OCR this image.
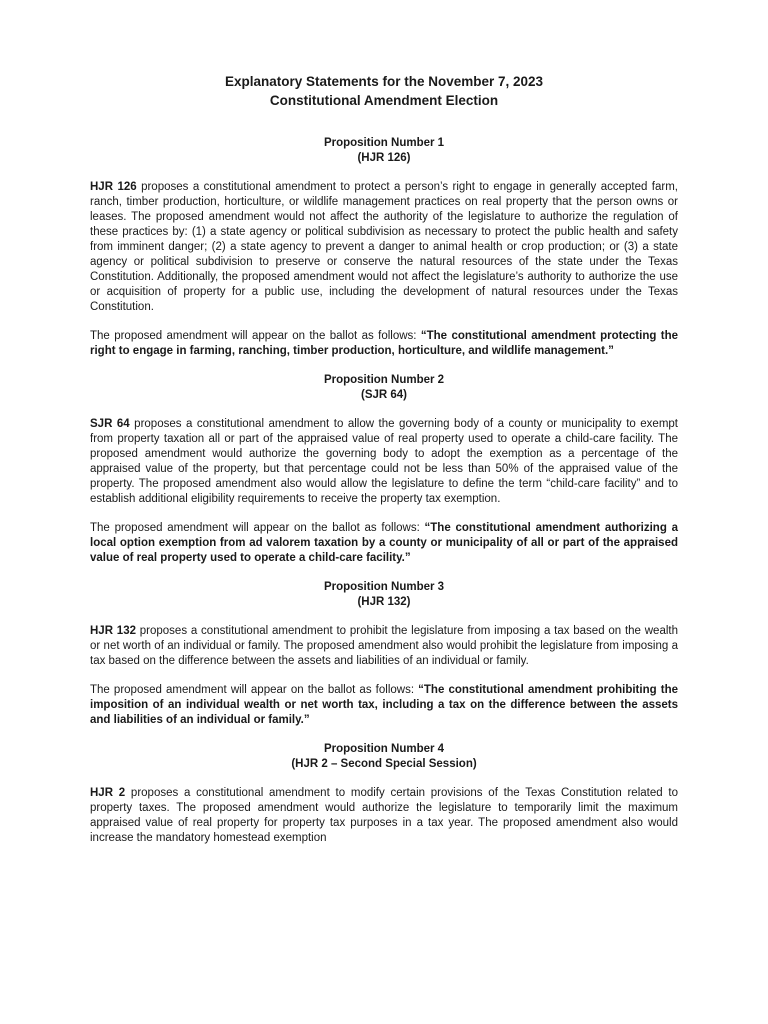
Explanatory Statements for the November 7, 2023
Constitutional Amendment Election
Proposition Number 1
(HJR 126)

HJR 126 proposes a constitutional amendment to protect a person’s right to engage in generally accepted farm, ranch, timber production, horticulture, or wildlife management practices on real property that the person owns or leases. The proposed amendment would not affect the authority of the legislature to authorize the regulation of these practices by: (1) a state agency or political subdivision as necessary to protect the public health and safety from imminent danger; (2) a state agency to prevent a danger to animal health or crop production; or (3) a state agency or political subdivision to preserve or conserve the natural resources of the state under the Texas Constitution. Additionally, the proposed amendment would not affect the legislature’s authority to authorize the use or acquisition of property for a public use, including the development of natural resources under the Texas Constitution.

The proposed amendment will appear on the ballot as follows: “The constitutional amendment protecting the right to engage in farming, ranching, timber production, horticulture, and wildlife management.”

Proposition Number 2
(SJR 64)

SJR 64 proposes a constitutional amendment to allow the governing body of a county or municipality to exempt from property taxation all or part of the appraised value of real property used to operate a child-care facility. The proposed amendment would authorize the governing body to adopt the exemption as a percentage of the appraised value of the property, but that percentage could not be less than 50% of the appraised value of the property. The proposed amendment also would allow the legislature to define the term “child-care facility” and to establish additional eligibility requirements to receive the property tax exemption.

The proposed amendment will appear on the ballot as follows: “The constitutional amendment authorizing a local option exemption from ad valorem taxation by a county or municipality of all or part of the appraised value of real property used to operate a child-care facility.”

Proposition Number 3
(HJR 132)

HJR 132 proposes a constitutional amendment to prohibit the legislature from imposing a tax based on the wealth or net worth of an individual or family. The proposed amendment also would prohibit the legislature from imposing a tax based on the difference between the assets and liabilities of an individual or family.

The proposed amendment will appear on the ballot as follows: “The constitutional amendment prohibiting the imposition of an individual wealth or net worth tax, including a tax on the difference between the assets and liabilities of an individual or family.”

Proposition Number 4
(HJR 2 – Second Special Session)

HJR 2 proposes a constitutional amendment to modify certain provisions of the Texas Constitution related to property taxes. The proposed amendment would authorize the legislature to temporarily limit the maximum appraised value of real property for property tax purposes in a tax year. The proposed amendment also would increase the mandatory homestead exemption
